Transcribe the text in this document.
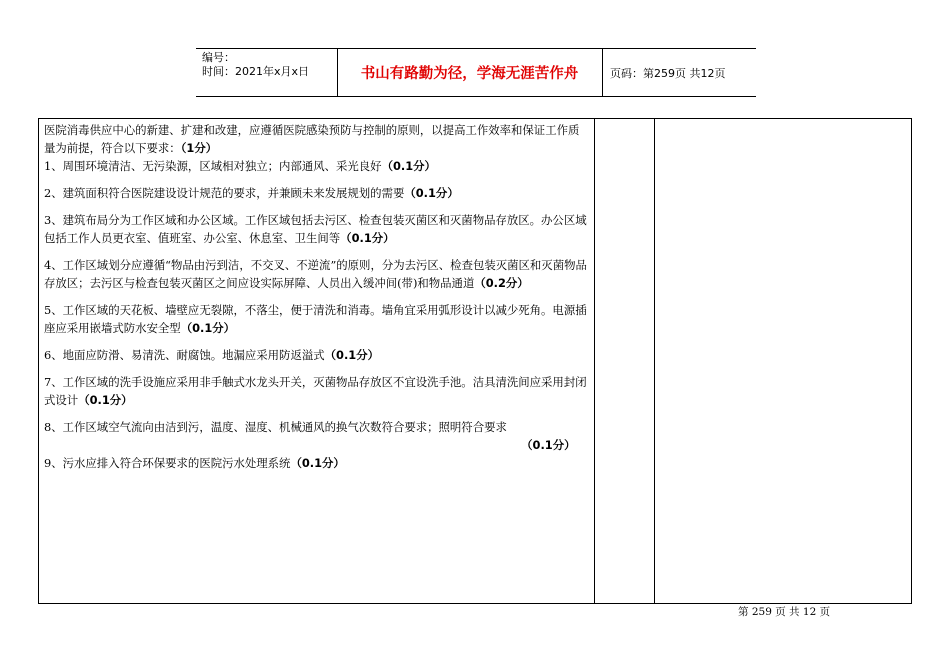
编号：
时间：2021年x月x日	书山有路勤为径，学海无涯苦作舟	页码：第259页 共12页

医院消毒供应中心的新建、扩建和改建，应遵循医院感染预防与控制的原则，以提高工作效率和保证工作质量为前提，符合以下要求：（1分）

1、周围环境清洁、无污染源，区域相对独立；内部通风、采光良好（0.1分）

2、建筑面积符合医院建设设计规范的要求，并兼顾未来发展规划的需要（0.1分）

3、建筑布局分为工作区域和办公区域。工作区域包括去污区、检查包装灭菌区和灭菌物品存放区。办公区域包括工作人员更衣室、值班室、办公室、休息室、卫生间等（0.1分）

4、工作区域划分应遵循“物品由污到洁，不交叉、不逆流”的原则，分为去污区、检查包装灭菌区和灭菌物品存放区；去污区与检查包装灭菌区之间应设实际屏障、人员出入缓冲间(带)和物品通道（0.2分）

5、工作区域的天花板、墙壁应无裂隙，不落尘，便于清洗和消毒。墙角宜采用弧形设计以减少死角。电源插座应采用嵌墙式防水安全型（0.1分）

6、地面应防滑、易清洗、耐腐蚀。地漏应采用防返溢式（0.1分）

7、工作区域的洗手设施应采用非手触式水龙头开关，灭菌物品存放区不宜设洗手池。洁具清洗间应采用封闭式设计（0.1分）

8、工作区域空气流向由洁到污，温度、湿度、机械通风的换气次数符合要求；照明符合要求

（0.1分）

9、污水应排入符合环保要求的医院污水处理系统（0.1分）

第 259 页 共 12 页
